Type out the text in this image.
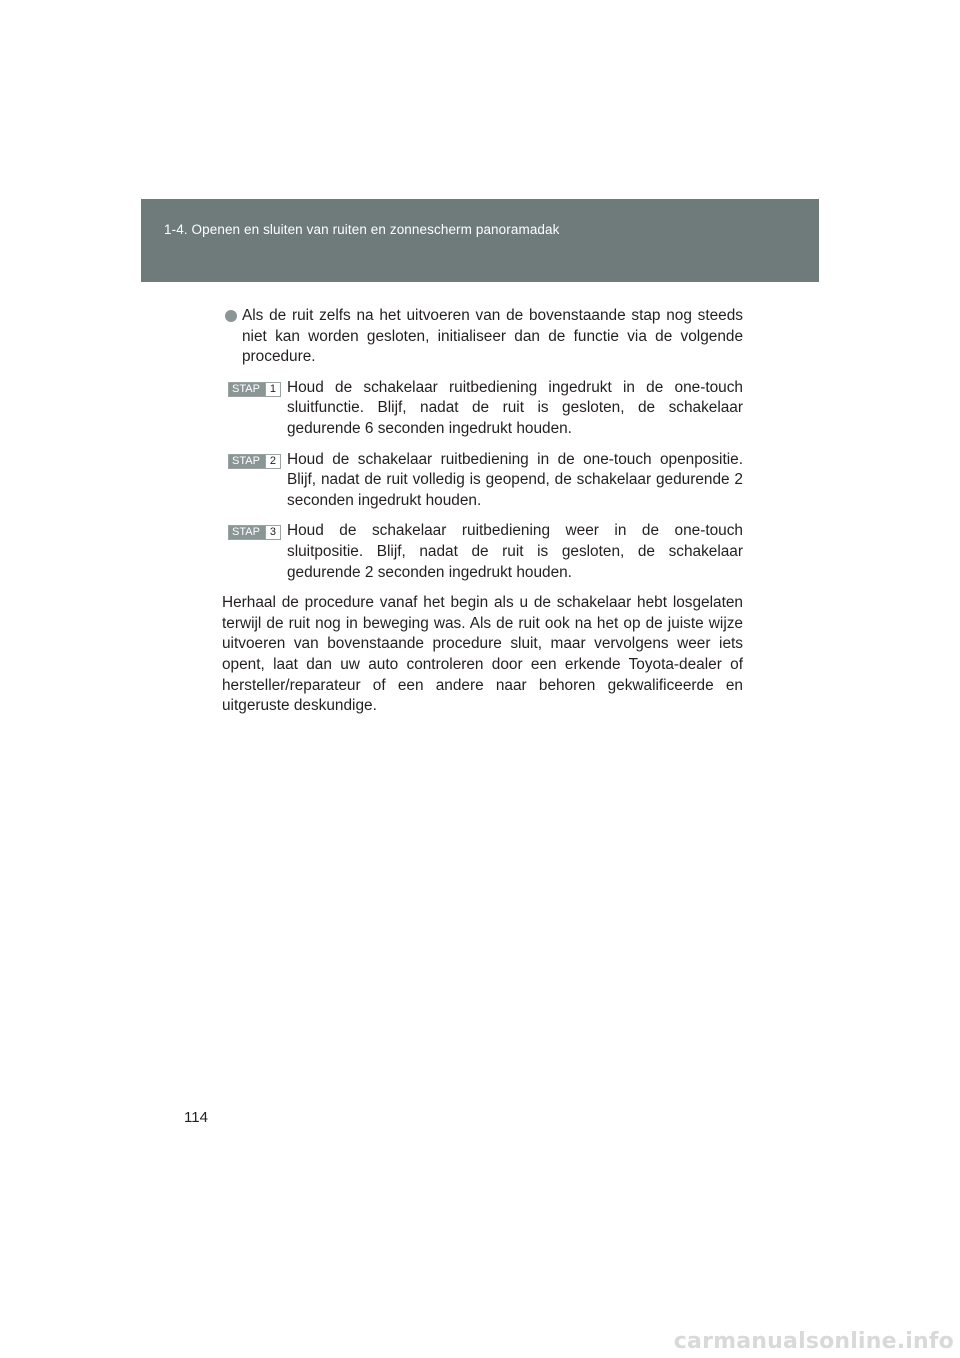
1-4. Openen en sluiten van ruiten en zonnescherm panoramadak
Als de ruit zelfs na het uitvoeren van de bovenstaande stap nog steeds niet kan worden gesloten, initialiseer dan de functie via de volgende procedure.
STAP 1 Houd de schakelaar ruitbediening ingedrukt in de one-touch sluitfunctie. Blijf, nadat de ruit is gesloten, de schakelaar gedurende 6 seconden ingedrukt houden.
STAP 2 Houd de schakelaar ruitbediening in de one-touch openpositie. Blijf, nadat de ruit volledig is geopend, de schakelaar gedurende 2 seconden ingedrukt houden.
STAP 3 Houd de schakelaar ruitbediening weer in de one-touch sluitpositie. Blijf, nadat de ruit is gesloten, de schakelaar gedurende 2 seconden ingedrukt houden.
Herhaal de procedure vanaf het begin als u de schakelaar hebt losgelaten terwijl de ruit nog in beweging was. Als de ruit ook na het op de juiste wijze uitvoeren van bovenstaande procedure sluit, maar vervolgens weer iets opent, laat dan uw auto controleren door een erkende Toyota-dealer of hersteller/reparateur of een andere naar behoren gekwalificeerde en uitgeruste deskundige.
114
carmanualsonline.info
